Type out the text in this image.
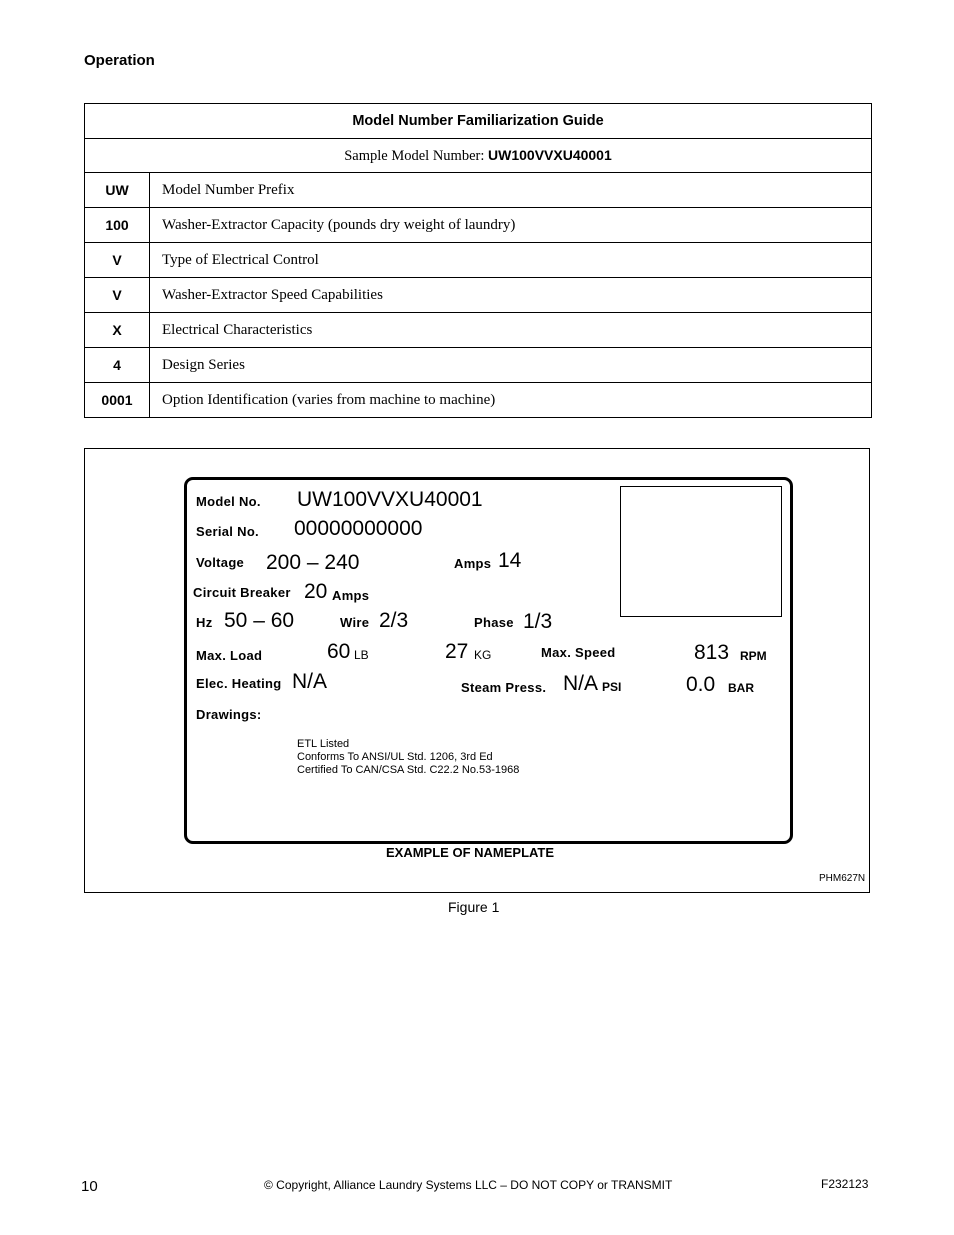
Operation
Model Number Familiarization Guide	
Sample Model Number: UW100VVXU40001	
UW	Model Number Prefix
100	Washer-Extractor Capacity (pounds dry weight of laundry)
V	Type of Electrical Control
V	Washer-Extractor Speed Capabilities
X	Electrical Characteristics
4	Design Series
0001	Option Identification (varies from machine to machine)
Model No. UW100VVXU40001
Serial No. 00000000000
Voltage 200 – 240	Amps 14
Circuit Breaker 20 Amps
Hz 50 – 60	Wire 2/3	Phase 1/3
Max. Load	60 LB	27 KG	Max. Speed	813 RPM
Elec. Heating N/A	Steam Press. N/A PSI	0.0 BAR
Drawings:
ETL Listed
Conforms To ANSI/UL Std. 1206, 3rd Ed
Certified To CAN/CSA Std. C22.2 No.53-1968
EXAMPLE OF NAMEPLATE
PHM627N
Figure 1
10	© Copyright, Alliance Laundry Systems LLC – DO NOT COPY or TRANSMIT	F232123
